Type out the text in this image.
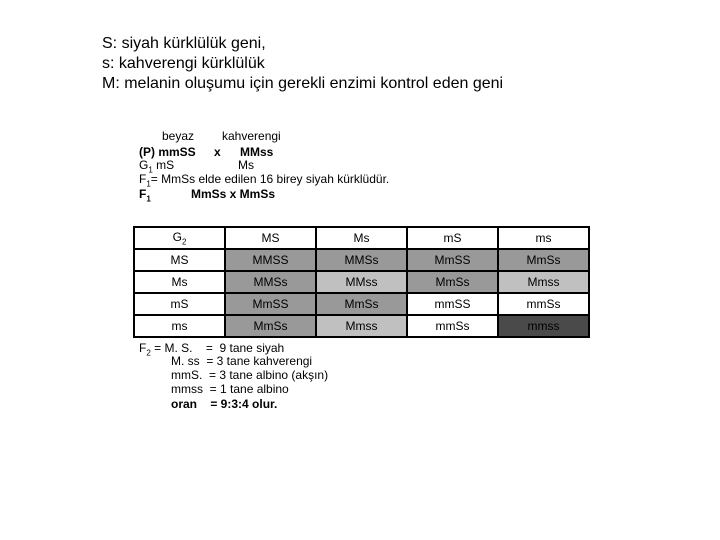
S: siyah kürklülük geni,
s: kahverengi kürklülük
M: melanin oluşumu için gerekli enzimi kontrol eden geni
beyaz kahverengi
(P) mmSS x MMss
$G_1$ mS	Ms
$F_1=$ MmSs elde edilen 16 birey siyah kürklüdür.
$F_1$	MmSs x MmSs
$G_2$	MS	Ms	mS	ms
MS	MMSS	MMSs	MmSS	MmSs
Ms	MMSs	MMss	MmSs	Mmss
mS	MmSS	MmSs	mmSS	mmSs
ms	MmSs	Mmss	mmSs	mmss
$F_2 = M$. S.    =  9 tane siyah
M. ss  = 3 tane kahverengi
mmS.  = 3 tane albino (akşın)
mmss  = 1 tane albino
oran    = 9:3:4 olur.
